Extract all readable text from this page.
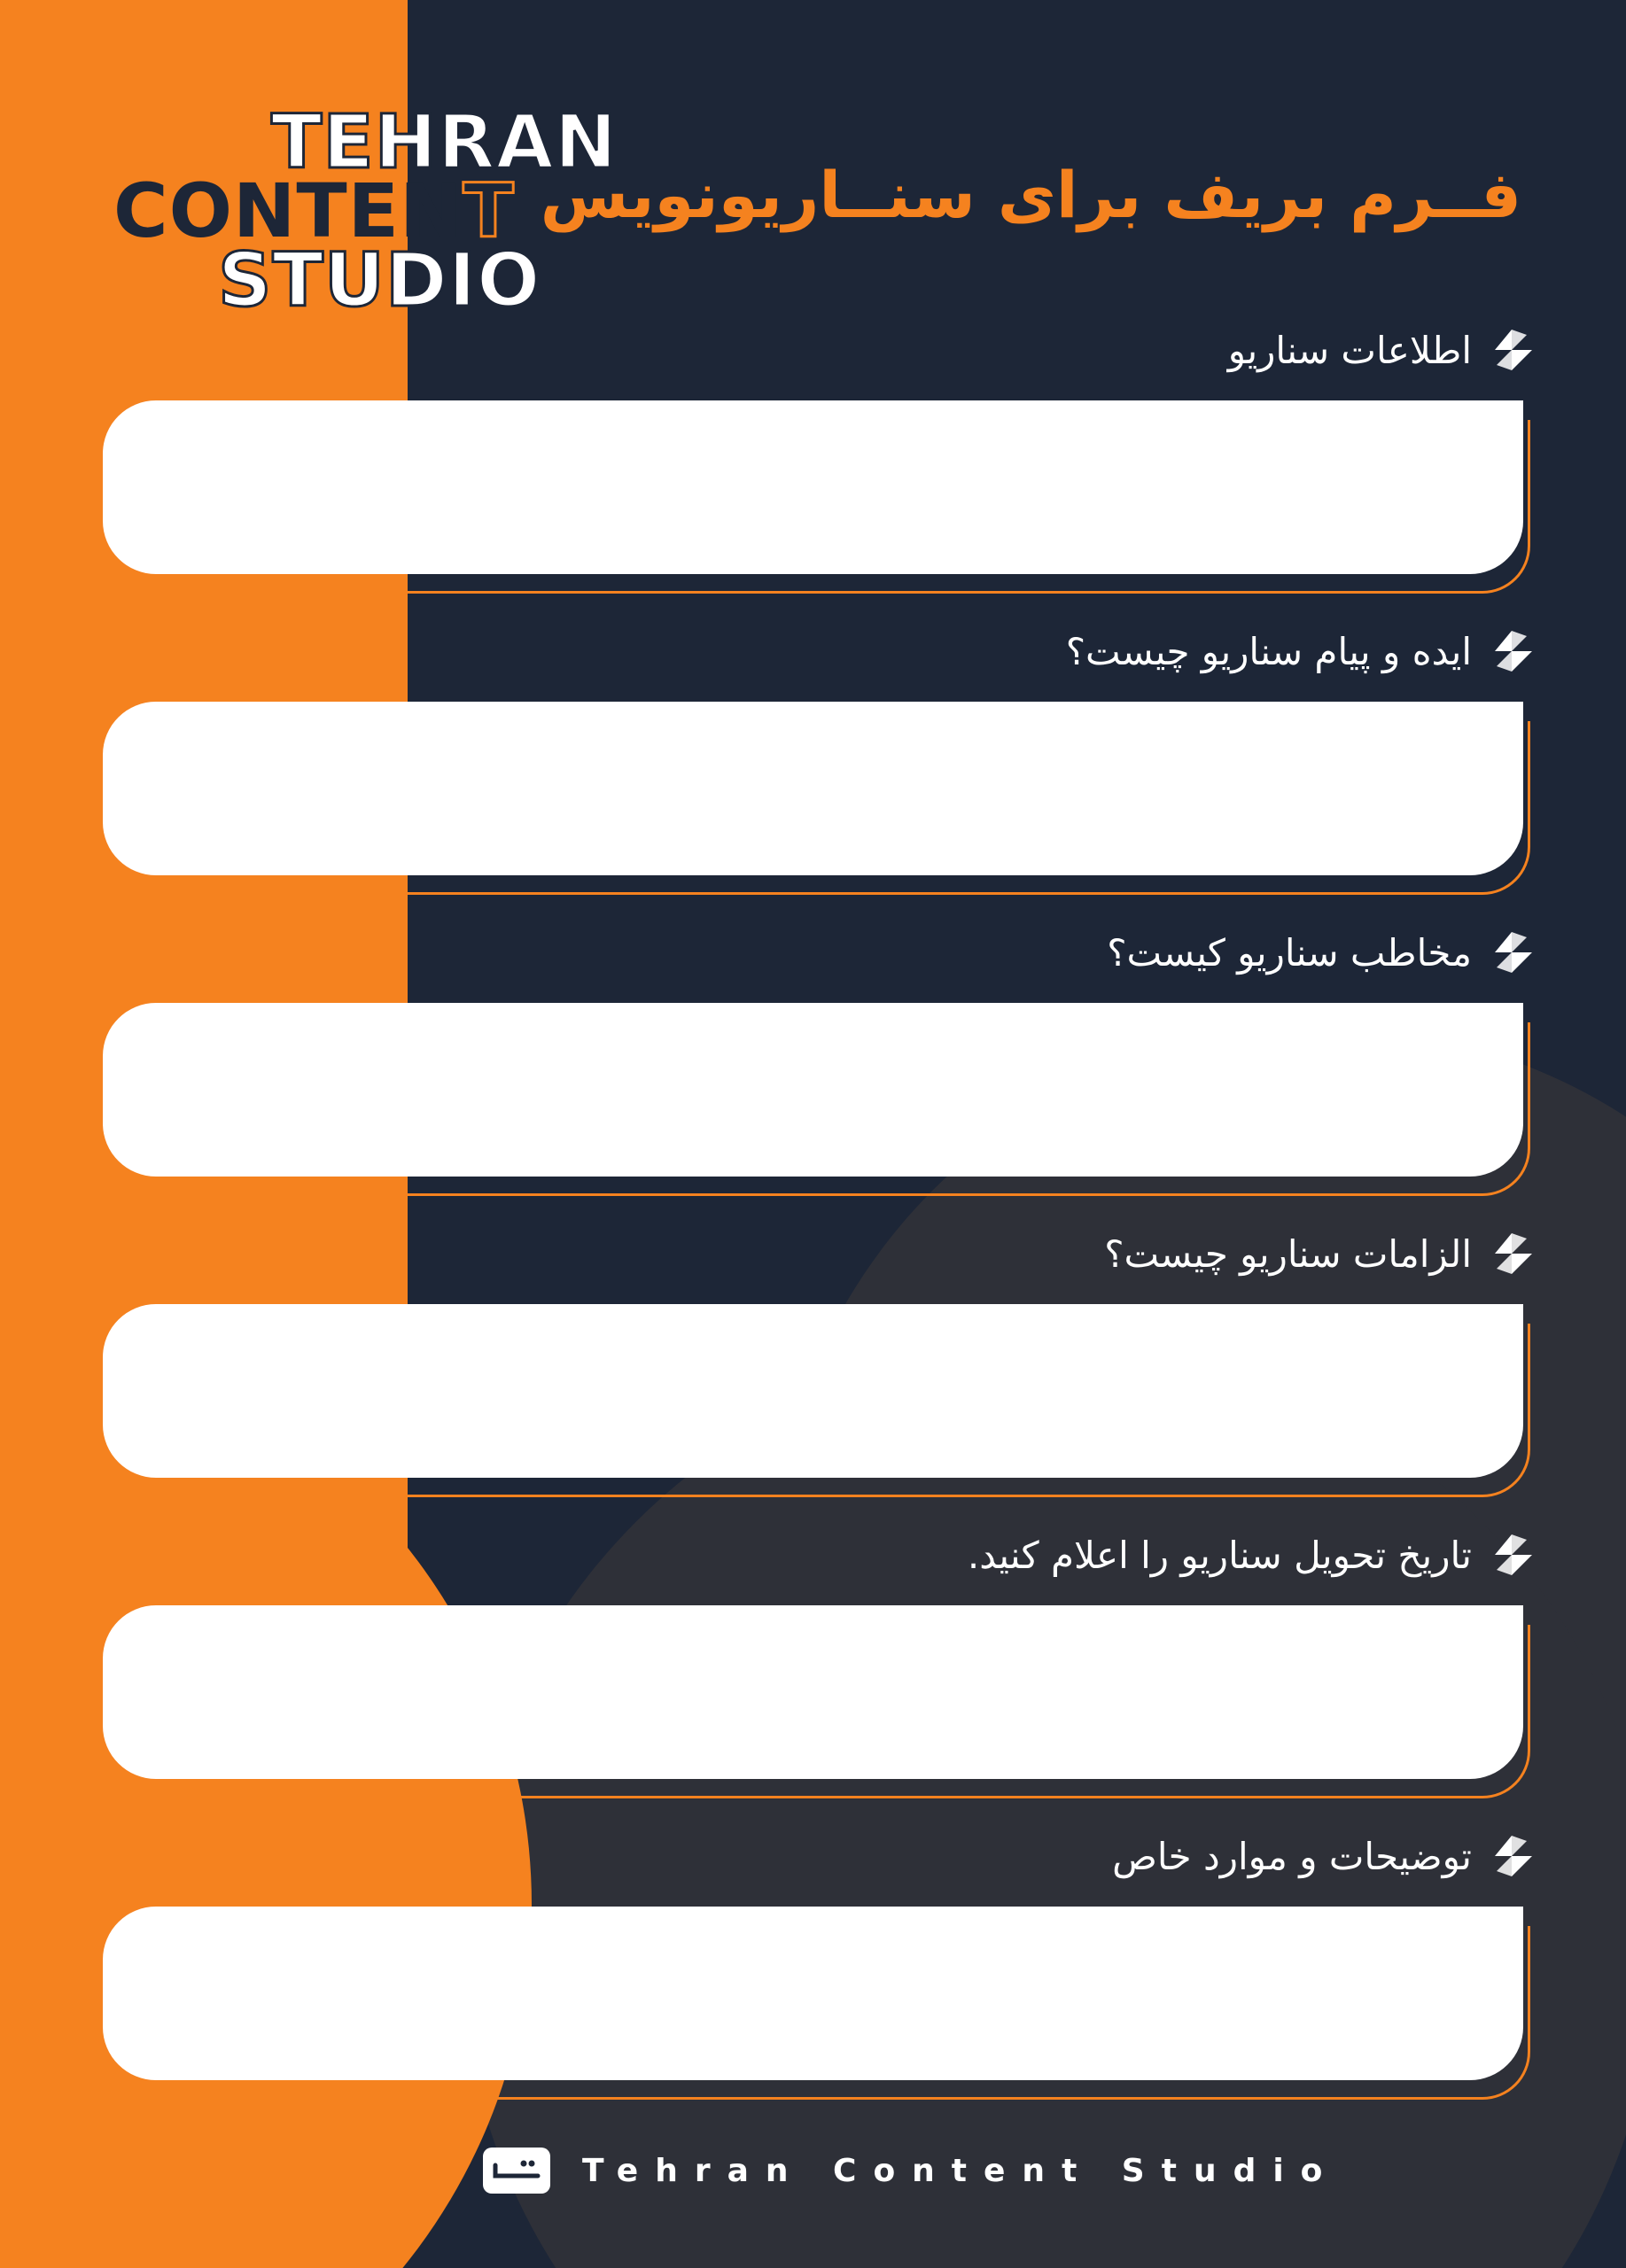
TEHRAN
CONTENT
STUDIO
فــرم بریف برای سنــاریونویس
اطلاعات سناریو
ایده و پیام سناریو چیست؟
مخاطب سناریو کیست؟
الزامات سناریو چیست؟
تاریخ تحویل سناریو را اعلام کنید.
توضیحات و موارد خاص
Tehran Content Studio
